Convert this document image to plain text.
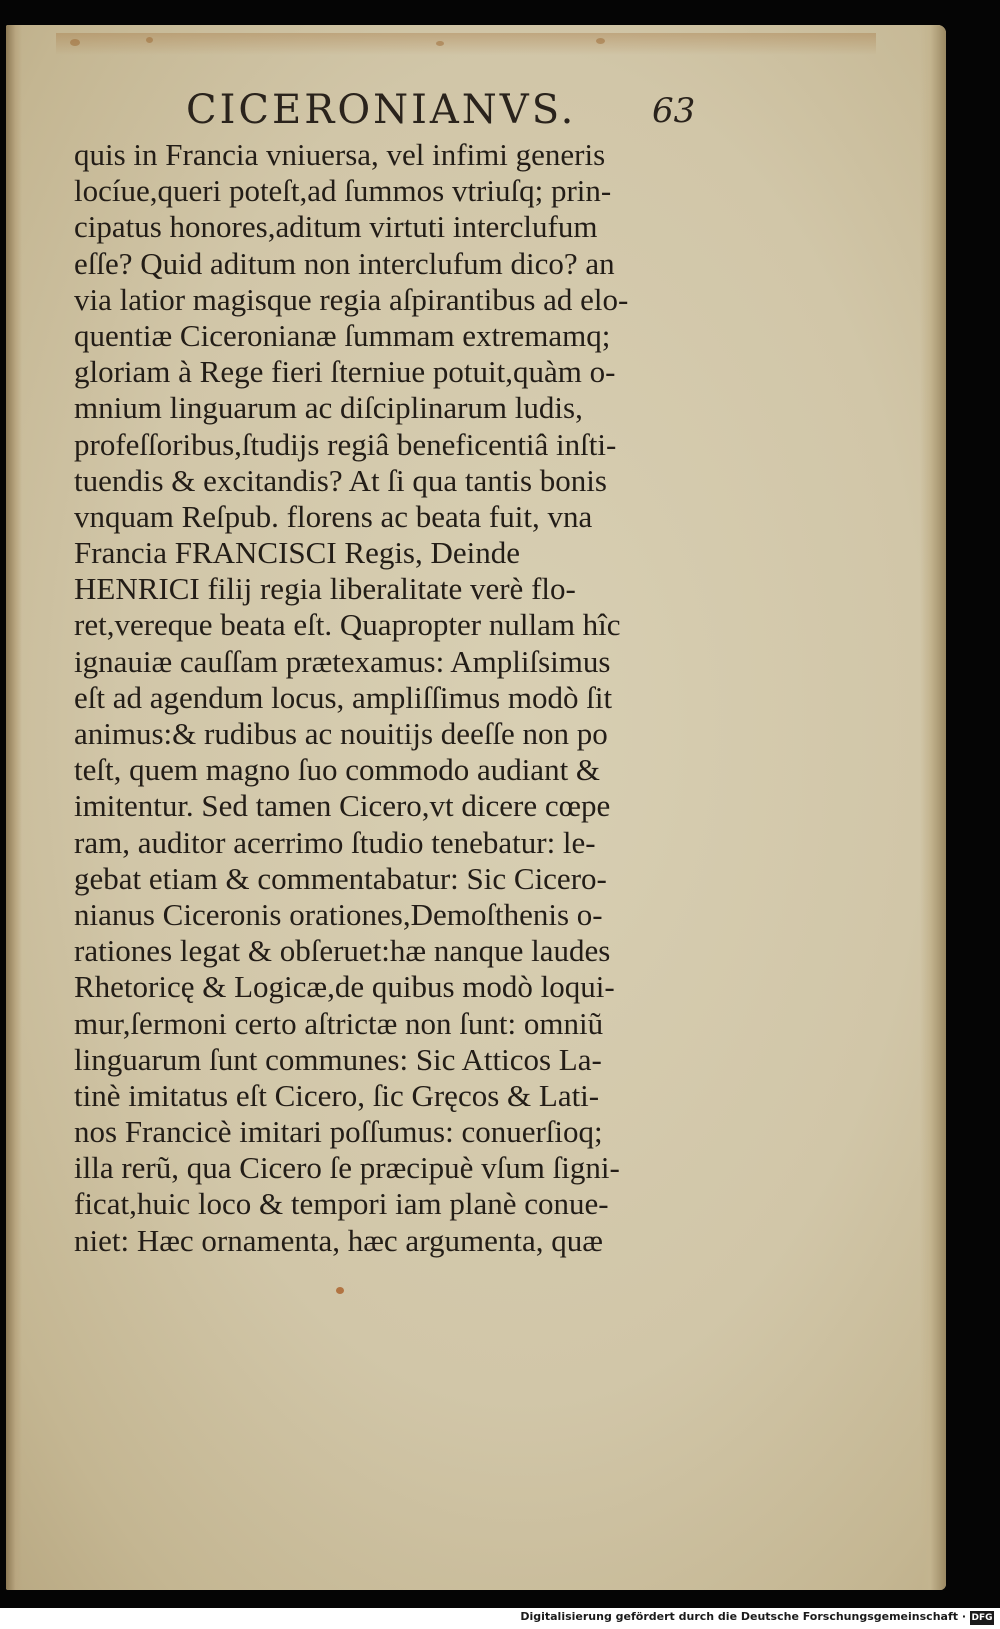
CICERONIANVS. 63
quis in Francia vniuersa, vel infimi generis
locíue,queri poteſt,ad ſummos vtriuſq; prin-
cipatus honores,aditum virtuti interclufum
eſſe? Quid aditum non interclufum dico? an
via latior magisque regia aſpirantibus ad elo-
quentiæ Ciceronianæ ſummam extremamq;
gloriam à Rege fieri ſterniue potuit,quàm o-
mnium linguarum ac diſciplinarum ludis,
profeſſoribus,ſtudijs regiâ beneficentiâ inſti-
tuendis & excitandis? At ſi qua tantis bonis
vnquam Reſpub. florens ac beata fuit, vna
Francia FRANCISCI Regis, Deinde
HENRICI filij regia liberalitate verè flo-
ret,vereque beata eſt. Quapropter nullam hîc
ignauiæ cauſſam prætexamus: Ampliſsimus
eſt ad agendum locus, ampliſſimus modò ſit
animus:& rudibus ac nouitijs deeſſe non po
teſt, quem magno ſuo commodo audiant &
imitentur. Sed tamen Cicero,vt dicere cœpe
ram, auditor acerrimo ſtudio tenebatur: le-
gebat etiam & commentabatur: Sic Cicero-
nianus Ciceronis orationes,Demoſthenis o-
rationes legat & obſeruet:hæ nanque laudes
Rhetoricę & Logicæ,de quibus modò loqui-
mur,ſermoni certo aſtrictæ non ſunt: omniũ
linguarum ſunt communes: Sic Atticos La-
tinè imitatus eſt Cicero, ſic Gręcos & Lati-
nos Francicè imitari poſſumus: conuerſioq;
illa rerũ, qua Cicero ſe præcipuè vſum ſigni-
ficat,huic loco & tempori iam planè conue-
niet: Hæc ornamenta, hæc argumenta, quæ
Digitalisierung gefördert durch die Deutsche Forschungsgemeinschaft · DFG
